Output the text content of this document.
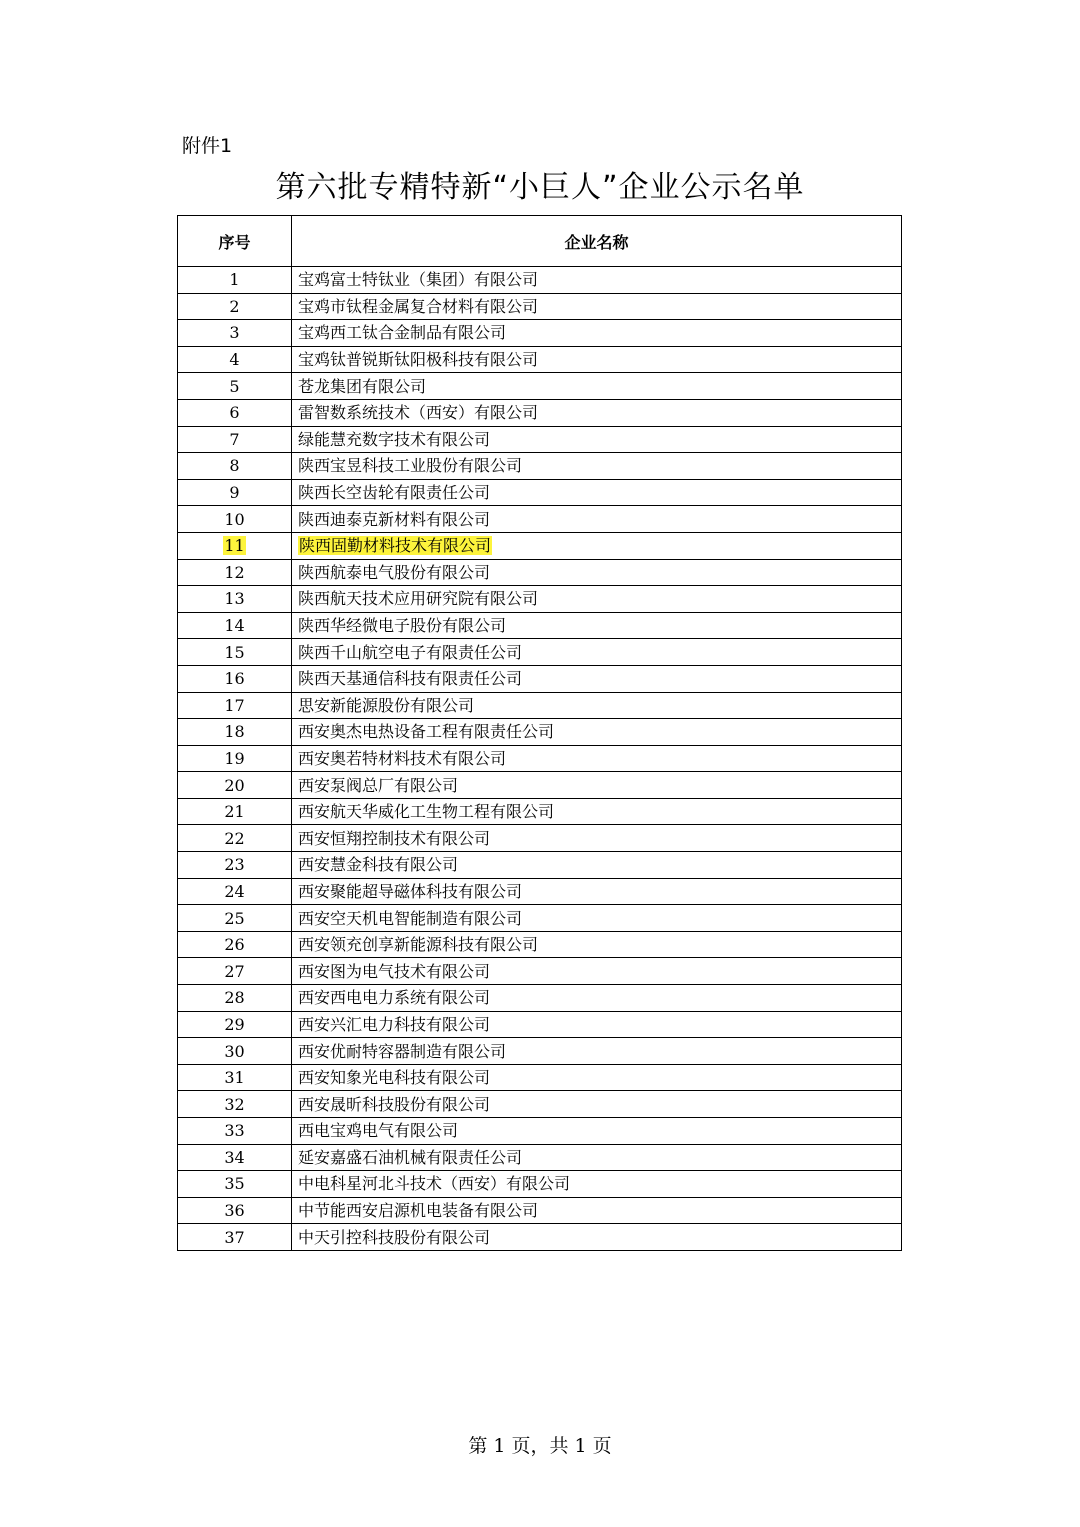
附件1
第六批专精特新“小巨人”企业公示名单
序号	企业名称
1	宝鸡富士特钛业（集团）有限公司
2	宝鸡市钛程金属复合材料有限公司
3	宝鸡西工钛合金制品有限公司
4	宝鸡钛普锐斯钛阳极科技有限公司
5	苍龙集团有限公司
6	雷智数系统技术（西安）有限公司
7	绿能慧充数字技术有限公司
8	陕西宝昱科技工业股份有限公司
9	陕西长空齿轮有限责任公司
10	陕西迪泰克新材料有限公司
11	陕西固勤材料技术有限公司
12	陕西航泰电气股份有限公司
13	陕西航天技术应用研究院有限公司
14	陕西华经微电子股份有限公司
15	陕西千山航空电子有限责任公司
16	陕西天基通信科技有限责任公司
17	思安新能源股份有限公司
18	西安奥杰电热设备工程有限责任公司
19	西安奥若特材料技术有限公司
20	西安泵阀总厂有限公司
21	西安航天华威化工生物工程有限公司
22	西安恒翔控制技术有限公司
23	西安慧金科技有限公司
24	西安聚能超导磁体科技有限公司
25	西安空天机电智能制造有限公司
26	西安领充创享新能源科技有限公司
27	西安图为电气技术有限公司
28	西安西电电力系统有限公司
29	西安兴汇电力科技有限公司
30	西安优耐特容器制造有限公司
31	西安知象光电科技有限公司
32	西安晟昕科技股份有限公司
33	西电宝鸡电气有限公司
34	延安嘉盛石油机械有限责任公司
35	中电科星河北斗技术（西安）有限公司
36	中节能西安启源机电装备有限公司
37	中天引控科技股份有限公司
第 1 页，共 1 页
